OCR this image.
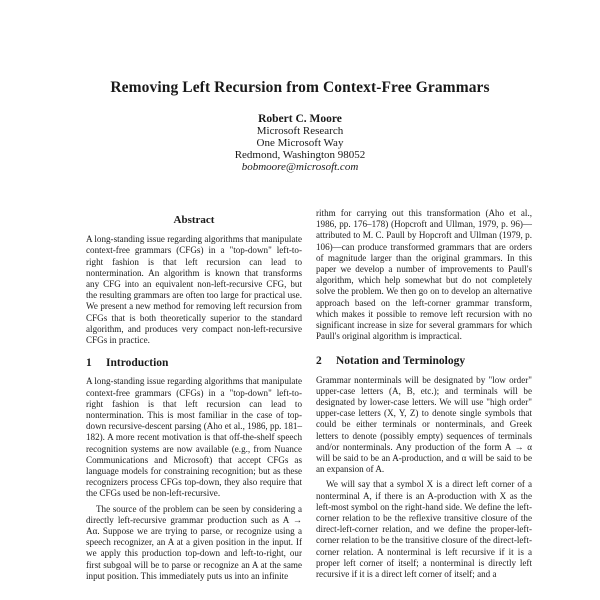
Removing Left Recursion from Context-Free Grammars
Robert C. Moore
Microsoft Research
One Microsoft Way
Redmond, Washington 98052
bobmoore@microsoft.com
Abstract

A long-standing issue regarding algorithms that manipulate context-free grammars (CFGs) in a "top-down" left-to-right fashion is that left recursion can lead to nontermination. An algorithm is known that transforms any CFG into an equivalent non-left-recursive CFG, but the resulting grammars are often too large for practical use. We present a new method for removing left recursion from CFGs that is both theoretically superior to the standard algorithm, and produces very compact non-left-recursive CFGs in practice.

1 Introduction

A long-standing issue regarding algorithms that manipulate context-free grammars (CFGs) in a "top-down" left-to-right fashion is that left recursion can lead to nontermination. This is most familiar in the case of top-down recursive-descent parsing (Aho et al., 1986, pp. 181–182). A more recent motivation is that off-the-shelf speech recognition systems are now available (e.g., from Nuance Communications and Microsoft) that accept CFGs as language models for constraining recognition; but as these recognizers process CFGs top-down, they also require that the CFGs used be non-left-recursive.

The source of the problem can be seen by considering a directly left-recursive grammar production such as A → Aα. Suppose we are trying to parse, or recognize using a speech recognizer, an A at a given position in the input. If we apply this production top-down and left-to-right, our first subgoal will be to parse or recognize an A at the same input position. This immediately puts us into an infinite

rithm for carrying out this transformation (Aho et al., 1986, pp. 176–178) (Hopcroft and Ullman, 1979, p. 96)—attributed to M. C. Paull by Hopcroft and Ullman (1979, p. 106)—can produce transformed grammars that are orders of magnitude larger than the original grammars. In this paper we develop a number of improvements to Paull's algorithm, which help somewhat but do not completely solve the problem. We then go on to develop an alternative approach based on the left-corner grammar transform, which makes it possible to remove left recursion with no significant increase in size for several grammars for which Paull's original algorithm is impractical.

2 Notation and Terminology

Grammar nonterminals will be designated by "low order" upper-case letters (A, B, etc.); and terminals will be designated by lower-case letters. We will use "high order" upper-case letters (X, Y, Z) to denote single symbols that could be either terminals or nonterminals, and Greek letters to denote (possibly empty) sequences of terminals and/or nonterminals. Any production of the form A → α will be said to be an A-production, and α will be said to be an expansion of A.

We will say that a symbol X is a direct left corner of a nonterminal A, if there is an A-production with X as the left-most symbol on the right-hand side. We define the left-corner relation to be the reflexive transitive closure of the direct-left-corner relation, and we define the proper-left-corner relation to be the transitive closure of the direct-left-corner relation. A nonterminal is left recursive if it is a proper left corner of itself; a nonterminal is directly left recursive if it is a direct left corner of itself; and a
